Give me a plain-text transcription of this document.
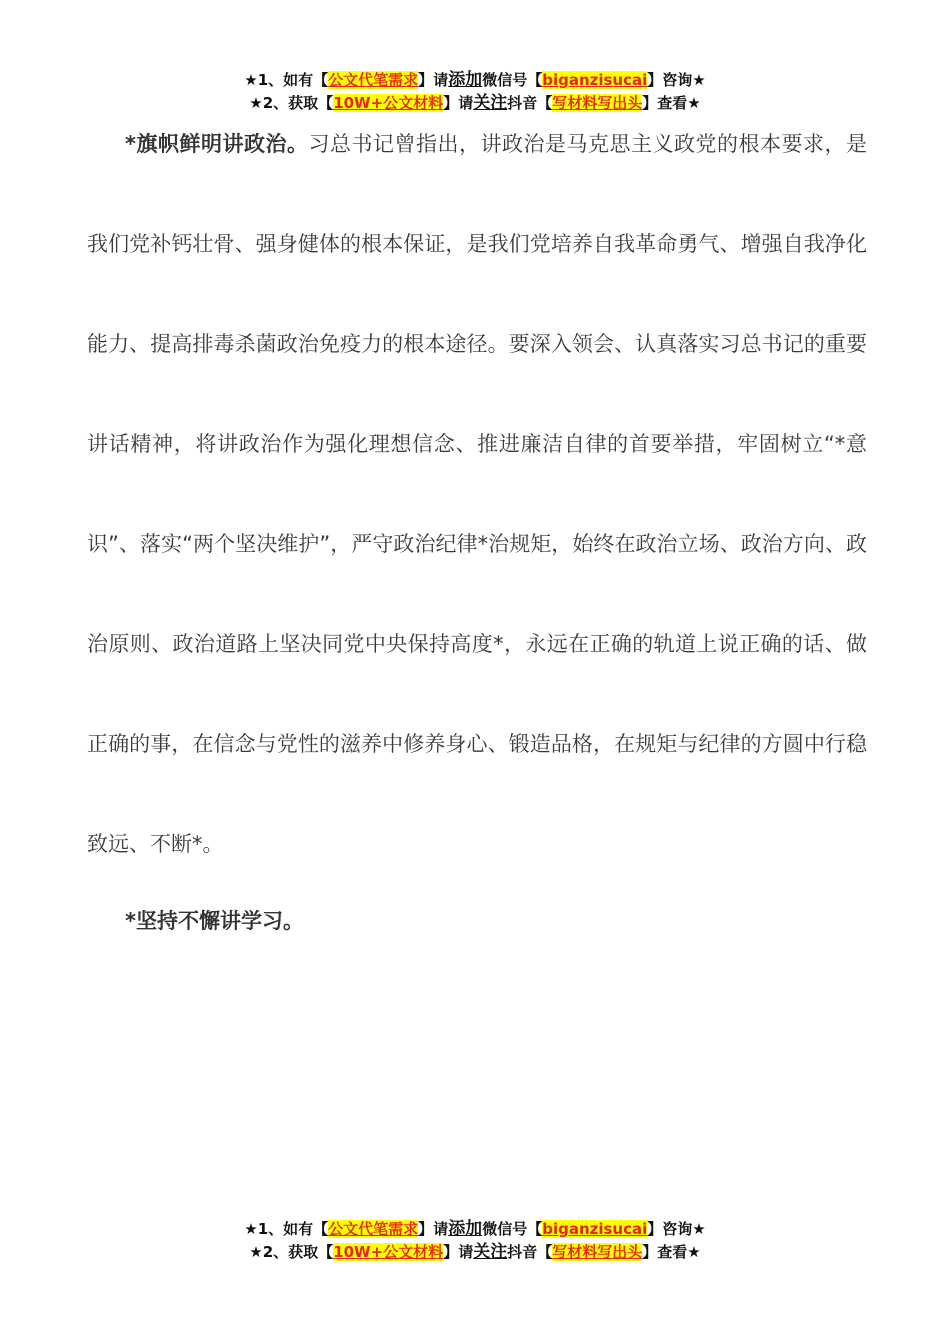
★1、如有【公文代笔需求】请添加微信号【biganzisucai】咨询★
★2、获取【10W+公文材料】请关注抖音【写材料写出头】查看★

*旗帜鲜明讲政治。习总书记曾指出，讲政治是马克思主义政党的根本要求，是我们党补钙壮骨、强身健体的根本保证，是我们党培养自我革命勇气、增强自我净化能力、提高排毒杀菌政治免疫力的根本途径。要深入领会、认真落实习总书记的重要讲话精神，将讲政治作为强化理想信念、推进廉洁自律的首要举措，牢固树立“*意识”、落实“两个坚决维护”，严守政治纪律*治规矩，始终在政治立场、政治方向、政治原则、政治道路上坚决同党中央保持高度*，永远在正确的轨道上说正确的话、做正确的事，在信念与党性的滋养中修养身心、锻造品格，在规矩与纪律的方圆中行稳致远、不断*。

*坚持不懈讲学习。

★1、如有【公文代笔需求】请添加微信号【biganzisucai】咨询★
★2、获取【10W+公文材料】请关注抖音【写材料写出头】查看★
